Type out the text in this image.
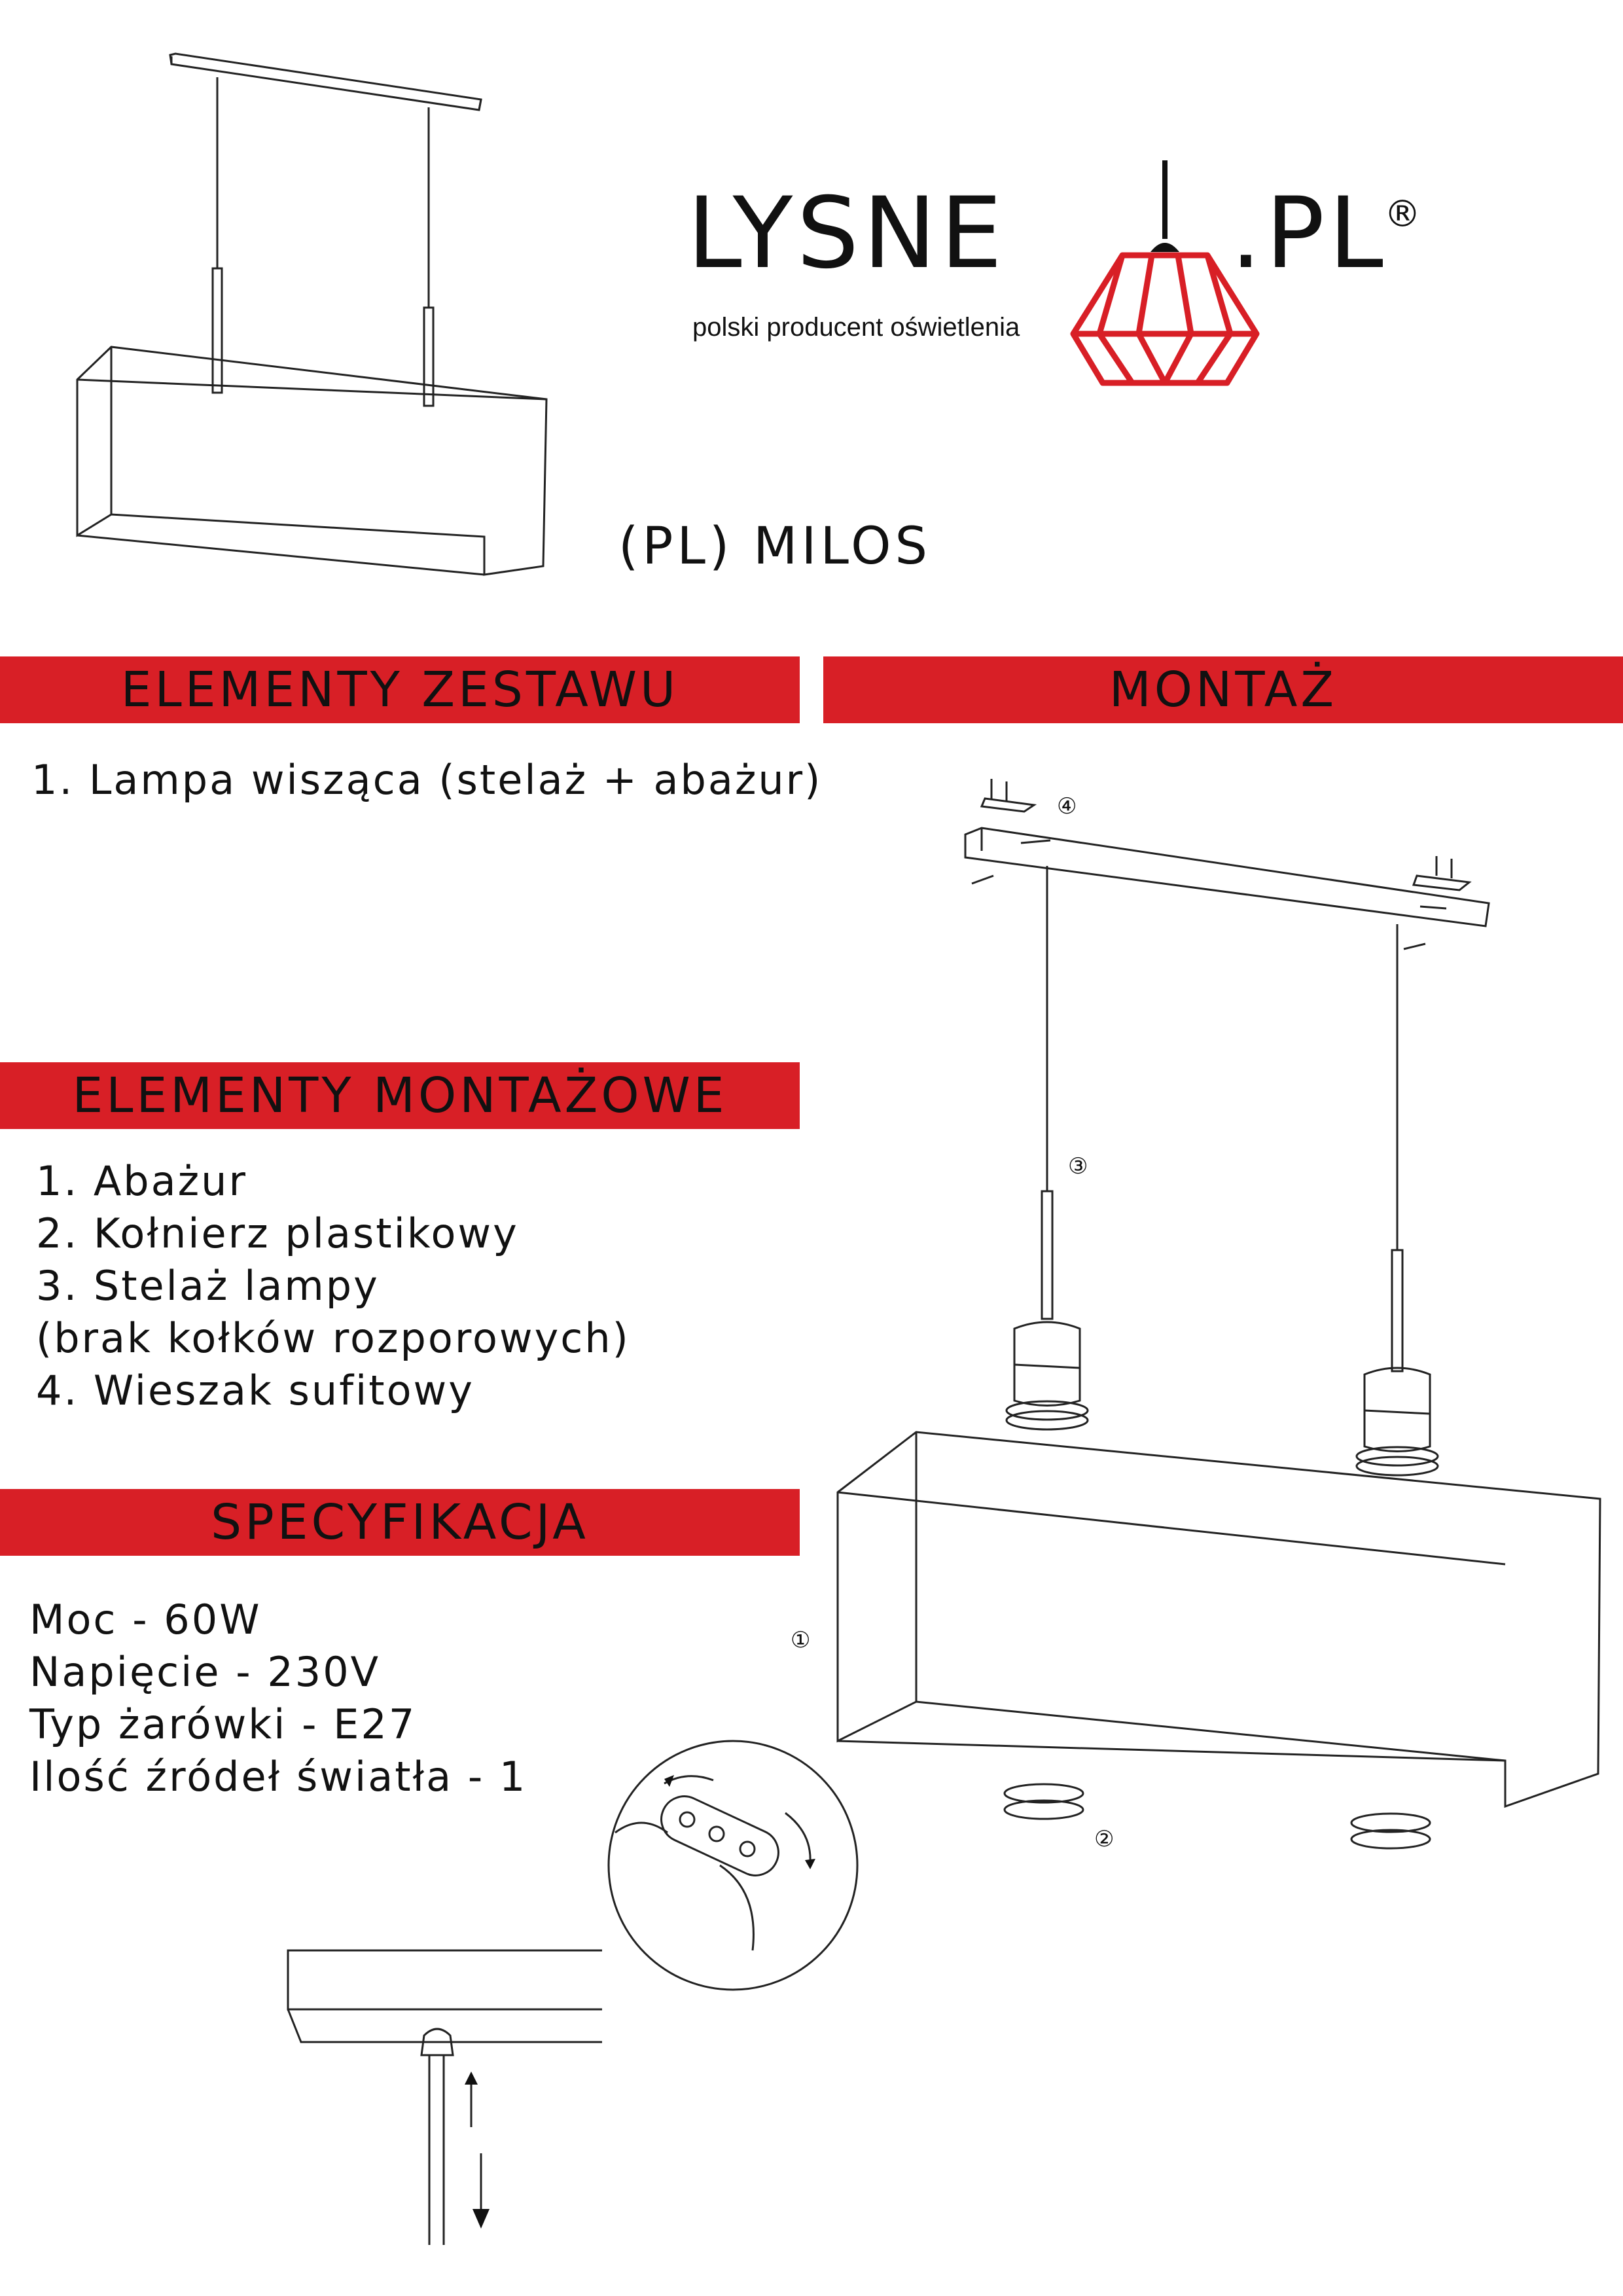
LYSNE .PL
®
polski producent oświetlenia
(PL) MILOS
ELEMENTY ZESTAWU	MONTAŻ
1. Lampa wisząca (stelaż + abażur)
ELEMENTY MONTAŻOWE
1. Abażur
2. Kołnierz plastikowy
3. Stelaż lampy
(brak kołków rozporowych)
4. Wieszak sufitowy
SPECYFIKACJA
Moc - 60W
Napięcie - 230V
Typ żarówki - E27
Ilość źródeł światła - 1
④
③
①
②
